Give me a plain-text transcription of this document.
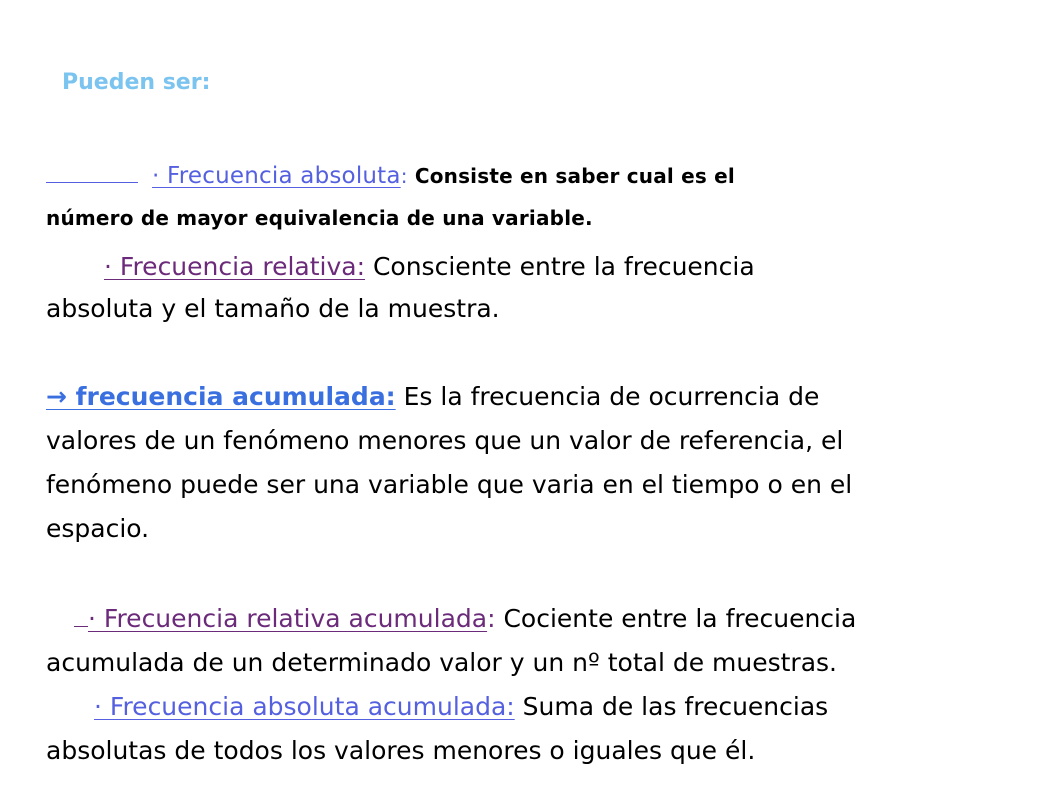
Pueden ser:
· Frecuencia absoluta: Consiste en saber cual es el
número de mayor equivalencia de una variable.
· Frecuencia relativa: Consciente entre la frecuencia
absoluta y el tamaño de la muestra.
→ frecuencia acumulada: Es la frecuencia de ocurrencia de
valores de un fenómeno menores que un valor de referencia, el
fenómeno puede ser una variable que varia en el tiempo o en el
espacio.
· Frecuencia relativa acumulada: Cociente entre la frecuencia
acumulada de un determinado valor y un nº total de muestras.
· Frecuencia absoluta acumulada: Suma de las frecuencias
absolutas de todos los valores menores o iguales que él.
